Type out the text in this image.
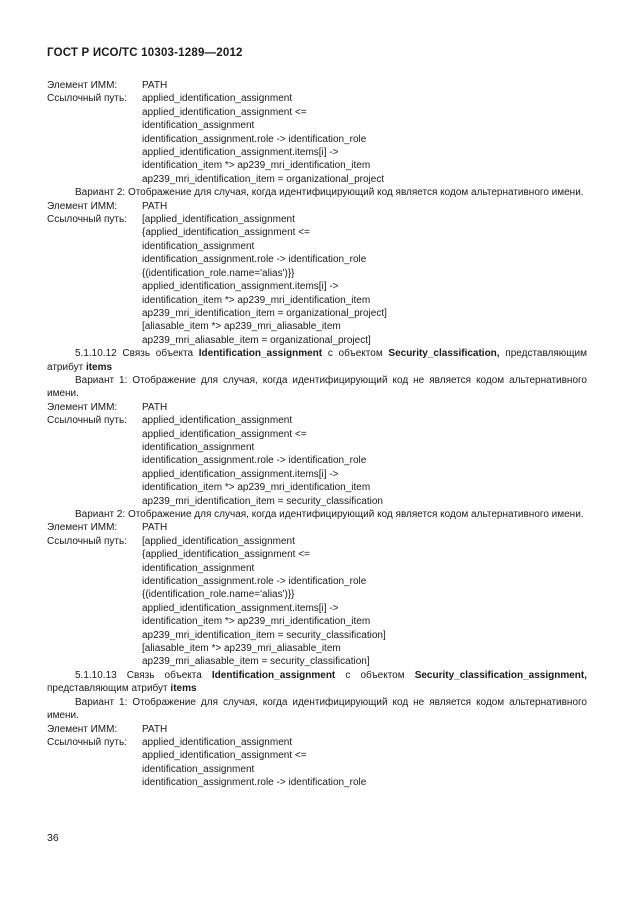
ГОСТ Р ИСО/ТС 10303-1289—2012
Элемент ИММ: PATH
Сcылочный путь: applied_identification_assignment
applied_identification_assignment <=
identification_assignment
identification_assignment.role -> identification_role
applied_identification_assignment.items[i] ->
identification_item *> ap239_mri_identification_item
ap239_mri_identification_item = organizational_project
Вариант 2: Отображение для случая, когда идентифицирующий код является кодом альтернативного имени.
Элемент ИММ: PATH
Сcылочный путь: [applied_identification_assignment
{applied_identification_assignment <=
identification_assignment
identification_assignment.role -> identification_role
{(identification_role.name='alias')}}
applied_identification_assignment.items[i] ->
identification_item *> ap239_mri_identification_item
ap239_mri_identification_item = organizational_project]
[aliasable_item *> ap239_mri_aliasable_item
ap239_mri_aliasable_item = organizational_project]
5.1.10.12 Связь объекта Identification_assignment с объектом Security_classification, представляющим атрибут items
Вариант 1: Отображение для случая, когда идентифицирующий код не является кодом альтернативного имени.
Элемент ИММ: PATH
Сcылочный путь: applied_identification_assignment
applied_identification_assignment <=
identification_assignment
identification_assignment.role -> identification_role
applied_identification_assignment.items[i] ->
identification_item *> ap239_mri_identification_item
ap239_mri_identification_item = security_classification
Вариант 2: Отображение для случая, когда идентифицирующий код является кодом альтернативного имени.
Элемент ИММ: PATH
Сcылочный путь: [applied_identification_assignment
{applied_identification_assignment <=
identification_assignment
identification_assignment.role -> identification_role
{(identification_role.name='alias')}}
applied_identification_assignment.items[i] ->
identification_item *> ap239_mri_identification_item
ap239_mri_identification_item = security_classification]
[aliasable_item *> ap239_mri_aliasable_item
ap239_mri_aliasable_item = security_classification]
5.1.10.13 Связь объекта Identification_assignment с объектом Security_classification_assignment, представляющим атрибут items
Вариант 1: Отображение для случая, когда идентифицирующий код не является кодом альтернативного имени.
Элемент ИММ: PATH
Сcылочный путь: applied_identification_assignment
applied_identification_assignment <=
identification_assignment
identification_assignment.role -> identification_role
36
